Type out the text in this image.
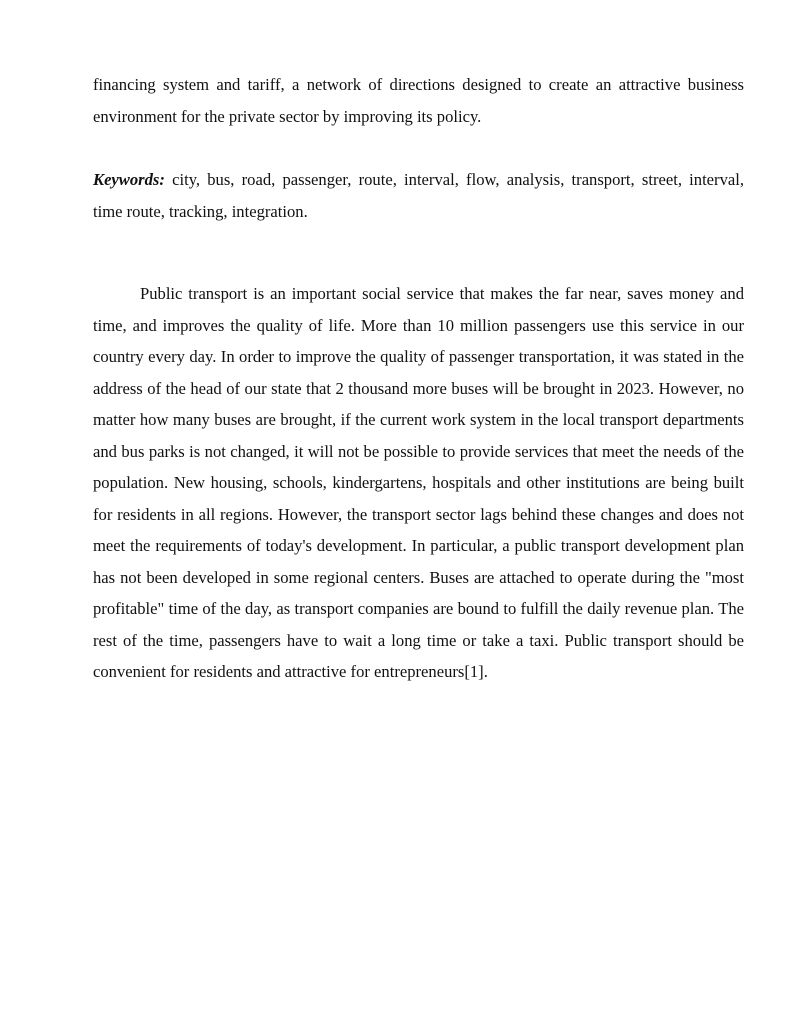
financing system and tariff, a network of directions designed to create an attractive business environment for the private sector by improving its policy.

Keywords: city, bus, road, passenger, route, interval, flow, analysis, transport, street, interval, time route, tracking, integration.

Public transport is an important social service that makes the far near, saves money and time, and improves the quality of life. More than 10 million passengers use this service in our country every day. In order to improve the quality of passenger transportation, it was stated in the address of the head of our state that 2 thousand more buses will be brought in 2023. However, no matter how many buses are brought, if the current work system in the local transport departments and bus parks is not changed, it will not be possible to provide services that meet the needs of the population. New housing, schools, kindergartens, hospitals and other institutions are being built for residents in all regions. However, the transport sector lags behind these changes and does not meet the requirements of today's development. In particular, a public transport development plan has not been developed in some regional centers. Buses are attached to operate during the "most profitable" time of the day, as transport companies are bound to fulfill the daily revenue plan. The rest of the time, passengers have to wait a long time or take a taxi. Public transport should be convenient for residents and attractive for entrepreneurs[1].
